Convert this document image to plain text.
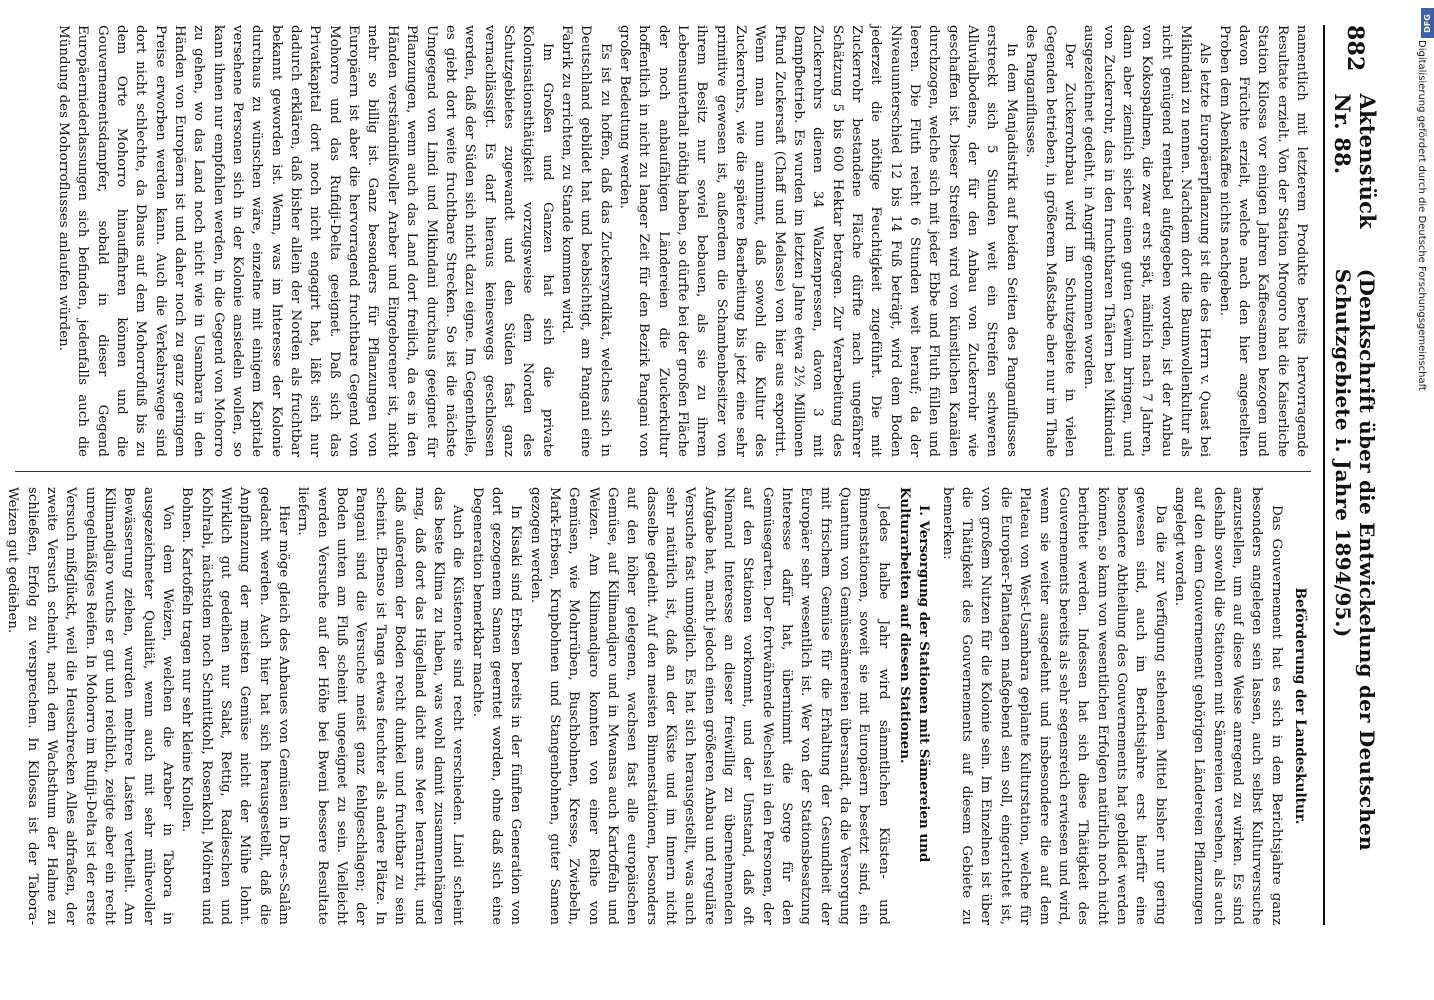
882
Aktenstück Nr. 88.
(Denkschrift über die Entwickelung der Deutschen Schutzgebiete i. Jahre 1894/95.)

namentlich mit letzterem Produkte bereits hervorragende Resultate erzielt. Von der Station Mrogoro hat die Kaiserliche Station Kilossa vor einigen Jahren Kaffeesamen bezogen und davon Früchte erzielt, welche nach den hier angestellten Proben dem Abenkaffee nichts nachgeben.

Als letzte Europäerpflanzung ist die des Herrn v. Quast bei Mikindani zu nennen. Nachdem dort die Baumwollenkultur als nicht genügend rentabel aufgegeben worden, ist der Anbau von Kokospalmen, die zwar erst spät, nämlich nach 7 Jahren, dann aber ziemlich sicher einen guten Gewinn bringen, und von Zuckerrohr, das in den fruchtbaren Thälern bei Mikindani ausgezeichnet gedeiht, in Angriff genommen worden.

Der Zuckerrohrbau wird im Schutzgebiete in vielen Gegenden betrieben, in größerem Maßstabe aber nur im Thale des Panganiflusses.

In dem Manjadistrikt auf beiden Seiten des Panganiflusses erstreckt sich 5 Stunden weit ein Streifen schweren Alluvialbodens, der für den Anbau von Zuckerrohr wie geschaffen ist. Dieser Streifen wird von künstlichen Kanälen durchzogen, welche sich mit jeder Ebbe und Fluth füllen und leeren. Die Fluth reicht 6 Stunden weit herauf; da der Niveauunterschied 12 bis 14 Fuß beträgt, wird dem Boden jederzeit die nöthige Feuchtigkeit zugeführt. Die mit Zuckerrohr bestandene Fläche dürfte nach ungefährer Schätzung 5 bis 600 Hektar betragen. Zur Verarbeitung des Zuckerrohrs dienen 34 Walzenpressen, davon 3 mit Dampfbetrieb. Es wurden im letzten Jahre etwa 2½ Millionen Pfund Zuckersaft (Chaff und Melasse) von hier aus exportirt. Wenn man nun annimmt, daß sowohl die Kultur des Zuckerrohrs, wie die spätere Bearbeitung bis jetzt eine sehr primitive gewesen ist, außerdem die Schambenbesitzer von ihrem Besitz nur soviel bebauen, als sie zu ihrem Lebensunterhalt nöthig haben, so dürfte bei der großen Fläche der noch anbaufähigen Ländereien die Zuckerkultur hoffentlich in nicht zu langer Zeit für den Bezirk Pangani von großer Bedeutung werden.

Es ist zu hoffen, daß das Zuckersyndikat, welches sich in Deutschland gebildet hat und beabsichtigt, am Pangani eine Fabrik zu errichten, zu Stande kommen wird.

Im Großen und Ganzen hat sich die private Kolonisationsthätigkeit vorzugsweise dem Norden des Schutzgebietes zugewandt und den Süden fast ganz vernachlässigt. Es darf hieraus keineswegs geschlossen werden, daß der Süden sich nicht dazu eigne. Im Gegentheile, es giebt dort weite fruchtbare Strecken. So ist die nächste Umgegend von Lindi und Mikindani durchaus geeignet für Pflanzungen, wenn auch das Land dort freilich, da es in den Händen verständnißvoller Araber und Eingeborener ist, nicht mehr so billig ist. Ganz besonders für Pflanzungen von Europäern ist aber die hervorragend fruchtbare Gegend von Mohorro und das Rufidji-Delta geeignet. Daß sich das Privatkapital dort noch nicht engagirt hat, läßt sich nur dadurch erklären, daß bisher allein der Norden als fruchtbar bekannt geworden ist. Wenn, was im Interesse der Kolonie durchaus zu wünschen wäre, einzelne mit einigem Kapitale versehene Personen sich in der Kolonie ansiedeln wollen, so kann ihnen nur empfohlen werden, in die Gegend von Mohorro zu gehen, wo das Land noch nicht wie in Usambara in den Händen von Europäern ist und daher noch zu ganz geringem Preise erworben werden kann. Auch die Verkehrswege sind dort nicht schlechte, da Dhaus auf dem Mohorrofluß bis zu dem Orte Mohorro hinauffahren können und die Gouvernementsdampfer, sobald in dieser Gegend Europäerniederlassungen sich befinden, jedenfalls auch die Mündung des Mohorroflusses anlaufen würden.

Beförderung der Landeskultur.

Das Gouvernement hat es sich in dem Berichtsjahre ganz besonders angelegen sein lassen, auch selbst Kulturversuche anzustellen, um auf diese Weise anregend zu wirken. Es sind deshalb sowohl die Stationen mit Sämereien versehen, als auch auf den dem Gouvernement gehörigen Ländereien Pflanzungen angelegt worden.

Da die zur Verfügung stehenden Mittel bisher nur gering gewesen sind, auch im Berichtsjahre erst hierfür eine besondere Abtheilung des Gouvernements hat gebildet werden können, so kann von wesentlichen Erfolgen natürlich noch nicht berichtet werden. Indessen hat sich diese Thätigkeit des Gouvernements bereits als sehr segensreich erwiesen und wird, wenn sie weiter ausgedehnt und insbesondere die auf dem Plateau von West-Usambara geplante Kulturstation, welche für die Europäer-Plantagen maßgebend sein soll, eingerichtet ist, von großem Nutzen für die Kolonie sein. Im Einzelnen ist über die Thätigkeit des Gouvernements auf diesem Gebiete zu bemerken:

I. Versorgung der Stationen mit Sämereien und Kulturarbeiten auf diesen Stationen.

Jedes halbe Jahr wird sämmtlichen Küsten- und Binnenstationen, soweit sie mit Europäern besetzt sind, ein Quantum von Gemüsesämereien übersandt, da die Versorgung mit frischem Gemüse für die Erhaltung der Gesundheit der Europäer sehr wesentlich ist. Wer von der Stationsbesatzung Interesse dafür hat, übernimmt die Sorge für den Gemüsegarten. Der fortwährende Wechsel in den Personen, der auf den Stationen vorkommt, und der Umstand, daß oft Niemand Interesse an dieser freiwillig zu übernehmenden Aufgabe hat, macht jedoch einen größeren Anbau und reguläre Versuche fast unmöglich. Es hat sich herausgestellt, was auch sehr natürlich ist, daß an der Küste und im Innern nicht dasselbe gedeiht. Auf den meisten Binnenstationen, besonders auf den höher gelegenen, wachsen fast alle europäischen Gemüse, auf Kilimandjaro und in Mwansa auch Kartoffeln und Weizen. Am Kilimandjaro konnten von einer Reihe von Gemüsen, wie Mohrrüben, Buschbohnen, Kresse, Zwiebeln, Mark-Erbsen, Krupbohnen und Stangenbohnen, guter Samen gezogen werden.

In Kisaki sind Erbsen bereits in der fünften Generation von dort gezogenem Samen geerntet worden, ohne daß sich eine Degeneration bemerkbar machte.

Auch die Küstenorte sind recht verschieden. Lindi scheint das beste Klima zu haben, was wohl damit zusammenhängen mag, daß dort das Hügelland dicht ans Meer herantritt, und daß außerdem der Boden recht dunkel und fruchtbar zu sein scheint. Ebenso ist Tanga etwas feuchter als andere Plätze. In Pangani sind die Versuche meist ganz fehlgeschlagen; der Boden unten am Fluß scheint ungeeignet zu sein. Vielleicht werden Versuche auf der Höhe bei Bweni bessere Resultate liefern.

Hier möge gleich des Anbaues von Gemüsen in Dar-es-Salâm gedacht werden. Auch hier hat sich herausgestellt, daß die Anpflanzung der meisten Gemüse nicht der Mühe lohnt. Wirklich gut gedeihen nur Salat, Rettig, Radieschen und Kohlrabi, nächstdem noch Schnittkohl, Rosenkohl, Möhren und Bohnen. Kartoffeln tragen nur sehr kleine Knollen.

Von dem Weizen, welchen die Araber in Tabora in ausgezeichneter Qualität, wenn auch mit sehr mühevoller Bewässerung ziehen, wurden mehrere Lasten vertheilt. Am Kilimandjaro wuchs er gut und reichlich, zeigte aber ein recht unregelmäßiges Reifen. In Mohorro im Rufiji-Delta ist der erste Versuch mißglückt, weil die Heuschrecken Alles abfraßen, der zweite Versuch scheint, nach dem Wachsthum der Halme zu schließen, Erfolg zu versprechen. In Kilossa ist der Tabora-Weizen gut gediehen.

DFG
Digitalisierung gefördert durch die Deutsche Forschungsgemeinschaft
